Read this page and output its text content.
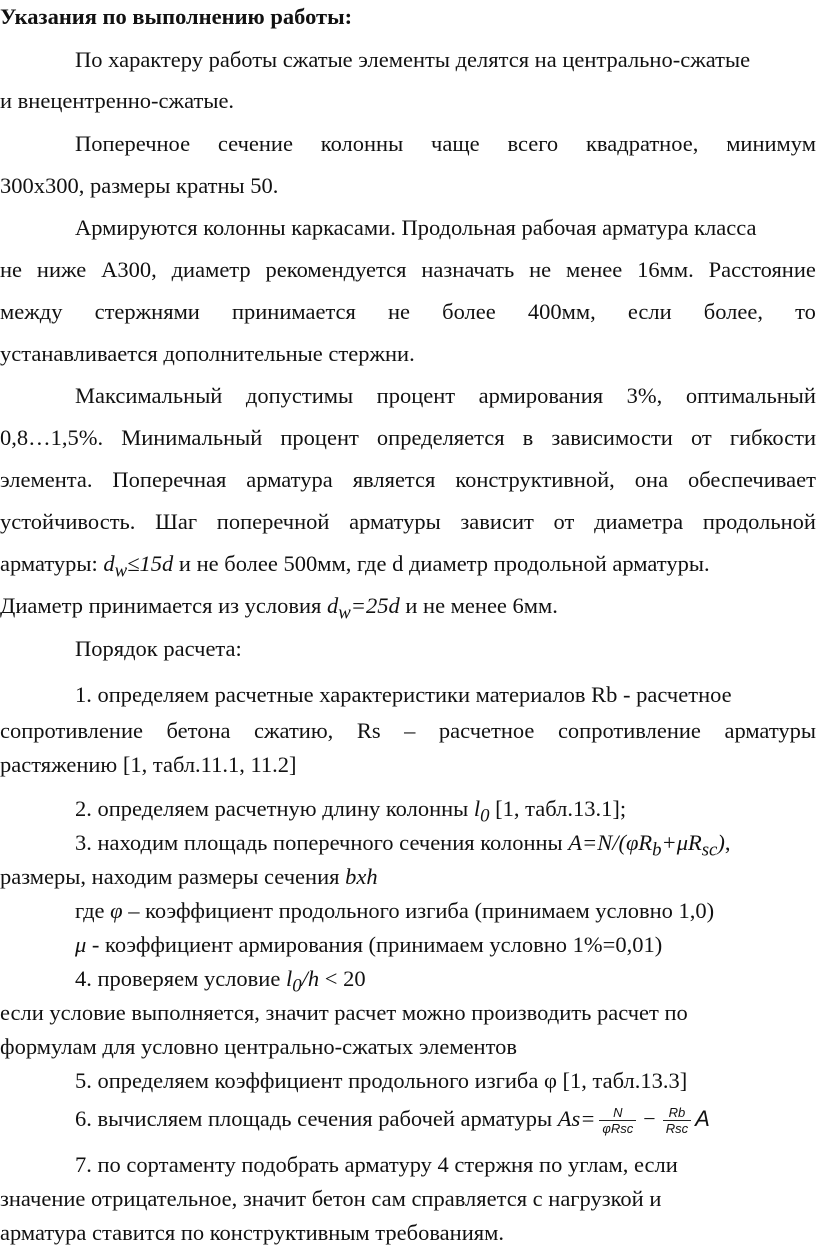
Указания по выполнению работы:
По характеру работы сжатые элементы делятся на центрально-сжатые
и внецентренно-сжатые.
Поперечное сечение колонны чаще всего квадратное, минимум
300x300, размеры кратны 50.
Армируются колонны каркасами. Продольная рабочая арматура класса
не ниже А300, диаметр рекомендуется назначать не менее 16мм. Расстояние
между стержнями принимается не более 400мм, если более, то
устанавливается дополнительные стержни.
Максимальный допустимы процент армирования 3%, оптимальный
0,8…1,5%. Минимальный процент определяется в зависимости от гибкости
элемента. Поперечная арматура является конструктивной, она обеспечивает
устойчивость. Шаг поперечной арматуры зависит от диаметра продольной
арматуры: $d_w\le 15d$ и не более 500мм, где d диаметр продольной арматуры.
Диаметр принимается из условия $d_w=25d$ и не менее 6мм.
Порядок расчета:
1. определяем расчетные характеристики материалов Rb - расчетное
сопротивление бетона сжатию, Rs – расчетное сопротивление арматуры
растяжению [1, табл.11.1, 11.2]
2. определяем расчетную длину колонны $l_0$ [1, табл.13.1];
3. находим площадь поперечного сечения колонны $A=N/(\varphi R_b+\mu R_{sc})$,
размеры, находим размеры сечения bxh
где φ – коэффициент продольного изгиба (принимаем условно 1,0)
μ - коэффициент армирования (принимаем условно 1%=0,01)
4. проверяем условие $l_0/h < 20$
если условие выполняется, значит расчет можно производить расчет по
формулам для условно центрально-сжатых элементов
5. определяем коэффициент продольного изгиба φ [1, табл.13.3]
6. вычисляем площадь сечения рабочей арматуры $As= \frac{N}{\text{φRsc}} - \frac{Rb}{\text{Rsc}}$ A
7. по сортаменту подобрать арматуру 4 стержня по углам, если
значение отрицательное, значит бетон сам справляется с нагрузкой и
арматура ставится по конструктивным требованиям.
